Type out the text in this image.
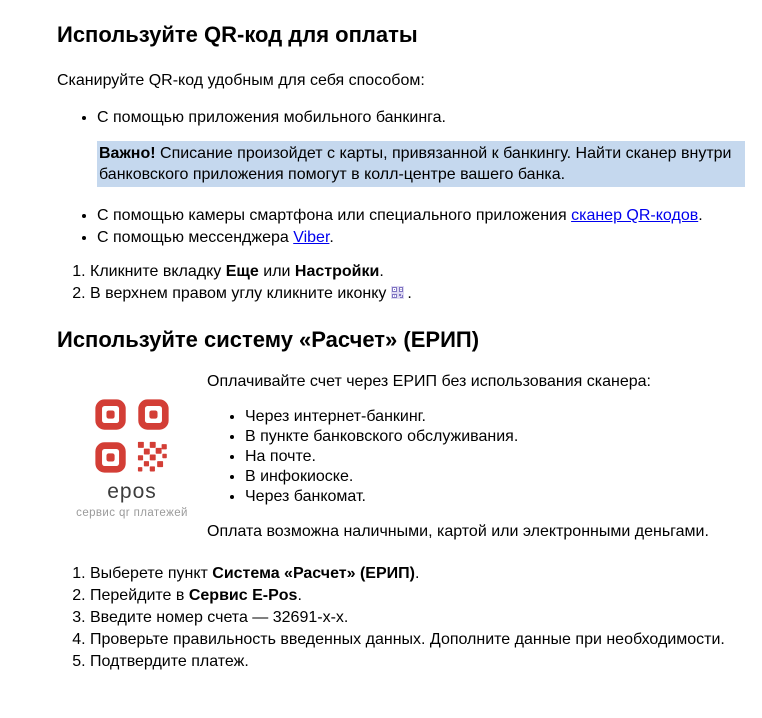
Используйте QR-код для оплаты

Сканируйте QR-код удобным для себя способом:

• С помощью приложения мобильного банкинга.
Важно! Списание произойдет с карты, привязанной к банкингу. Найти сканер внутри банковского приложения помогут в колл-центре вашего банка.
• С помощью камеры смартфона или специального приложения сканер QR-кодов.
• С помощью мессенджера Viber.
1. Кликните вкладку Еще или Настройки.
2. В верхнем правом углу кликните иконку .
Используйте систему «Расчет» (ЕРИП)
epos
сервис qr платежей

Оплачивайте счет через ЕРИП без использования сканера:

• Через интернет-банкинг.
• В пункте банковского обслуживания.
• На почте.
• В инфокиоске.
• Через банкомат.

Оплата возможна наличными, картой или электронными деньгами.

1. Выберете пункт Система «Расчет» (ЕРИП).
2. Перейдите в Сервис E-Pos.
3. Введите номер счета — 32691-х-х.
4. Проверьте правильность введенных данных. Дополните данные при необходимости.
5. Подтвердите платеж.
